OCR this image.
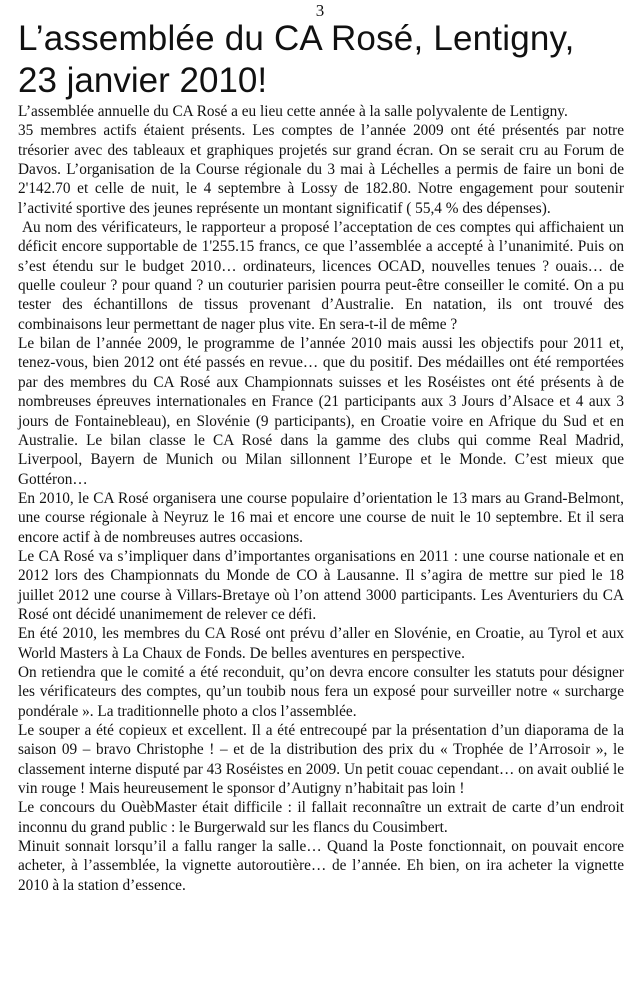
3
L’assemblée du CA Rosé, Lentigny,
23 janvier 2010!

L’assemblée annuelle du CA Rosé a eu lieu cette année à la salle polyvalente de Lentigny.

35 membres actifs étaient présents. Les comptes de l’année 2009 ont été présentés par notre trésorier avec des tableaux et graphiques projetés sur grand écran. On se serait cru au Forum de Davos. L’organisation de la Course régionale du 3 mai à Léchelles a permis de faire un boni de 2'142.70 et celle de nuit, le 4 septembre à Lossy de 182.80. Notre engagement pour soutenir l’activité sportive des jeunes représente un montant significatif ( 55,4 % des dépenses).

Au nom des vérificateurs, le rapporteur a proposé l’acceptation de ces comptes qui affichaient un déficit encore supportable de 1'255.15 francs, ce que l’assemblée a accepté à l’unanimité. Puis on s’est étendu sur le budget 2010… ordinateurs, licences OCAD, nouvelles tenues ? ouais… de quelle couleur ? pour quand ? un couturier parisien pourra peut-être conseiller le comité. On a pu tester des échantillons de tissus provenant d’Australie. En natation, ils ont trouvé des combinaisons leur permettant de nager plus vite. En sera-t-il de même ?

Le bilan de l’année 2009, le programme de l’année 2010 mais aussi les objectifs pour 2011 et, tenez-vous, bien 2012 ont été passés en revue… que du positif. Des médailles ont été remportées par des membres du CA Rosé aux Championnats suisses et les Roséistes ont été présents à de nombreuses épreuves internationales en France (21 participants aux 3 Jours d’Alsace et 4 aux 3 jours de Fontainebleau), en Slovénie (9 participants), en Croatie voire en Afrique du Sud et en Australie. Le bilan classe le CA Rosé dans la gamme des clubs qui comme Real Madrid, Liverpool, Bayern de Munich ou Milan sillonnent l’Europe et le Monde. C’est mieux que Gottéron…

En 2010, le CA Rosé organisera une course populaire d’orientation le 13 mars au Grand-Belmont, une course régionale à Neyruz le 16 mai et encore une course de nuit le 10 septembre. Et il sera encore actif à de nombreuses autres occasions.

Le CA Rosé va s’impliquer dans d’importantes organisations en 2011 : une course nationale et en 2012 lors des Championnats du Monde de CO à Lausanne. Il s’agira de mettre sur pied le 18 juillet 2012 une course à Villars-Bretaye où l’on attend 3000 participants. Les Aventuriers du CA Rosé ont décidé unanimement de relever ce défi.

En été 2010, les membres du CA Rosé ont prévu d’aller en Slovénie, en Croatie, au Tyrol et aux World Masters à La Chaux de Fonds. De belles aventures en perspective.

On retiendra que le comité a été reconduit, qu’on devra encore consulter les statuts pour désigner les vérificateurs des comptes, qu’un toubib nous fera un exposé pour surveiller notre « surcharge pondérale ». La traditionnelle photo a clos l’assemblée.

Le souper a été copieux et excellent. Il a été entrecoupé par la présentation d’un diaporama de la saison 09 – bravo Christophe ! – et de la distribution des prix du « Trophée de l’Arrosoir », le classement interne disputé par 43 Roséistes en 2009. Un petit couac cependant… on avait oublié le vin rouge ! Mais heureusement le sponsor d’Autigny n’habitait pas loin !

Le concours du OuèbMaster était difficile : il fallait reconnaître un extrait de carte d’un endroit inconnu du grand public : le Burgerwald sur les flancs du Cousimbert.

Minuit sonnait lorsqu’il a fallu ranger la salle… Quand la Poste fonctionnait, on pouvait encore acheter, à l’assemblée, la vignette autoroutière… de l’année. Eh bien, on ira acheter la vignette 2010 à la station d’essence.
